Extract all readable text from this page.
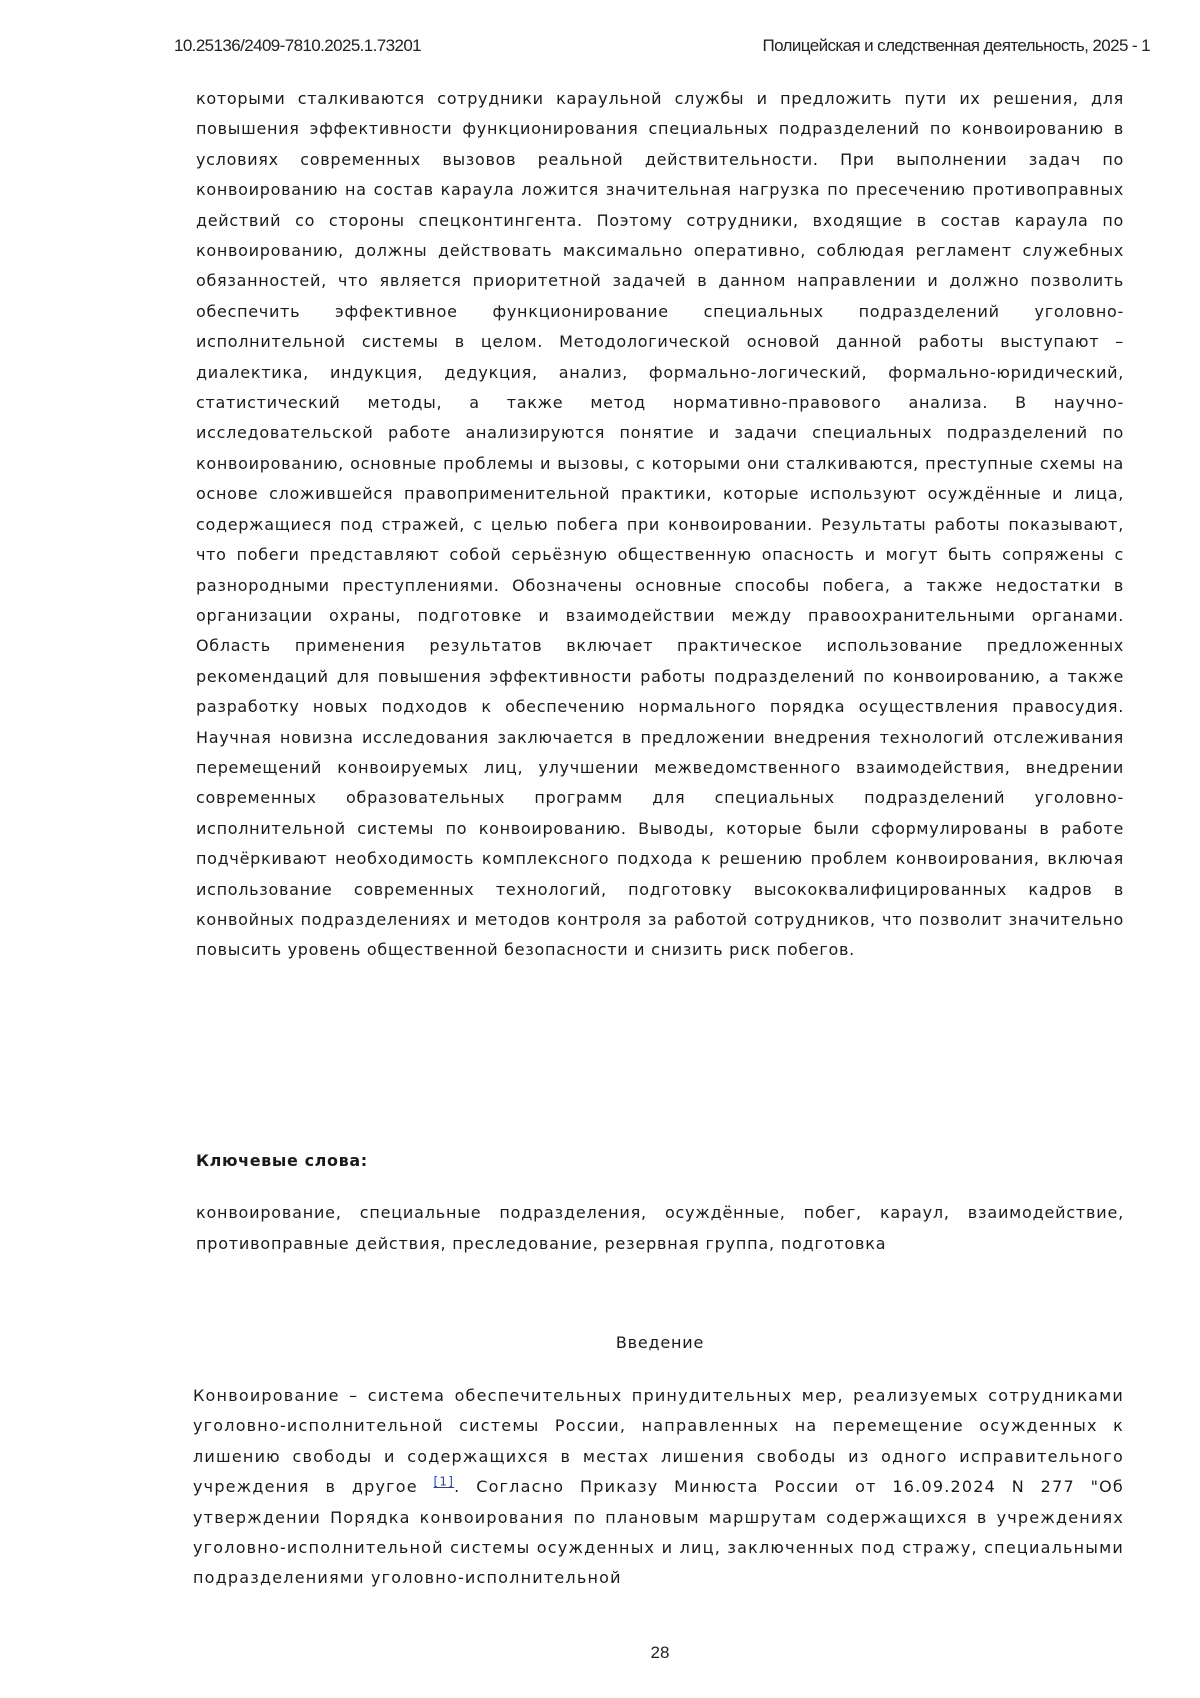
10.25136/2409-7810.2025.1.73201	Полицейская и следственная деятельность, 2025 - 1

которыми сталкиваются сотрудники караульной службы и предложить пути их решения, для повышения эффективности функционирования специальных подразделений по конвоированию в условиях современных вызовов реальной действительности. При выполнении задач по конвоированию на состав караула ложится значительная нагрузка по пресечению противоправных действий со стороны спецконтингента. Поэтому сотрудники, входящие в состав караула по конвоированию, должны действовать максимально оперативно, соблюдая регламент служебных обязанностей, что является приоритетной задачей в данном направлении и должно позволить обеспечить эффективное функционирование специальных подразделений уголовно-исполнительной системы в целом. Методологической основой данной работы выступают – диалектика, индукция, дедукция, анализ, формально-логический, формально-юридический, статистический методы, а также метод нормативно-правового анализа. В научно-исследовательской работе анализируются понятие и задачи специальных подразделений по конвоированию, основные проблемы и вызовы, с которыми они сталкиваются, преступные схемы на основе сложившейся правоприменительной практики, которые используют осуждённые и лица, содержащиеся под стражей, с целью побега при конвоировании. Результаты работы показывают, что побеги представляют собой серьёзную общественную опасность и могут быть сопряжены с разнородными преступлениями. Обозначены основные способы побега, а также недостатки в организации охраны, подготовке и взаимодействии между правоохранительными органами. Область применения результатов включает практическое использование предложенных рекомендаций для повышения эффективности работы подразделений по конвоированию, а также разработку новых подходов к обеспечению нормального порядка осуществления правосудия. Научная новизна исследования заключается в предложении внедрения технологий отслеживания перемещений конвоируемых лиц, улучшении межведомственного взаимодействия, внедрении современных образовательных программ для специальных подразделений уголовно-исполнительной системы по конвоированию. Выводы, которые были сформулированы в работе подчёркивают необходимость комплексного подхода к решению проблем конвоирования, включая использование современных технологий, подготовку высококвалифицированных кадров в конвойных подразделениях и методов контроля за работой сотрудников, что позволит значительно повысить уровень общественной безопасности и снизить риск побегов.

Ключевые слова:

конвоирование, специальные подразделения, осуждённые, побег, караул, взаимодействие, противоправные действия, преследование, резервная группа, подготовка

Введение

Конвоирование – система обеспечительных принудительных мер, реализуемых сотрудниками уголовно-исполнительной системы России, направленных на перемещение осужденных к лишению свободы и содержащихся в местах лишения свободы из одного исправительного учреждения в другое [1]. Согласно Приказу Минюста России от 16.09.2024 N 277 "Об утверждении Порядка конвоирования по плановым маршрутам содержащихся в учреждениях уголовно-исполнительной системы осужденных и лиц, заключенных под стражу, специальными подразделениями уголовно-исполнительной

28
